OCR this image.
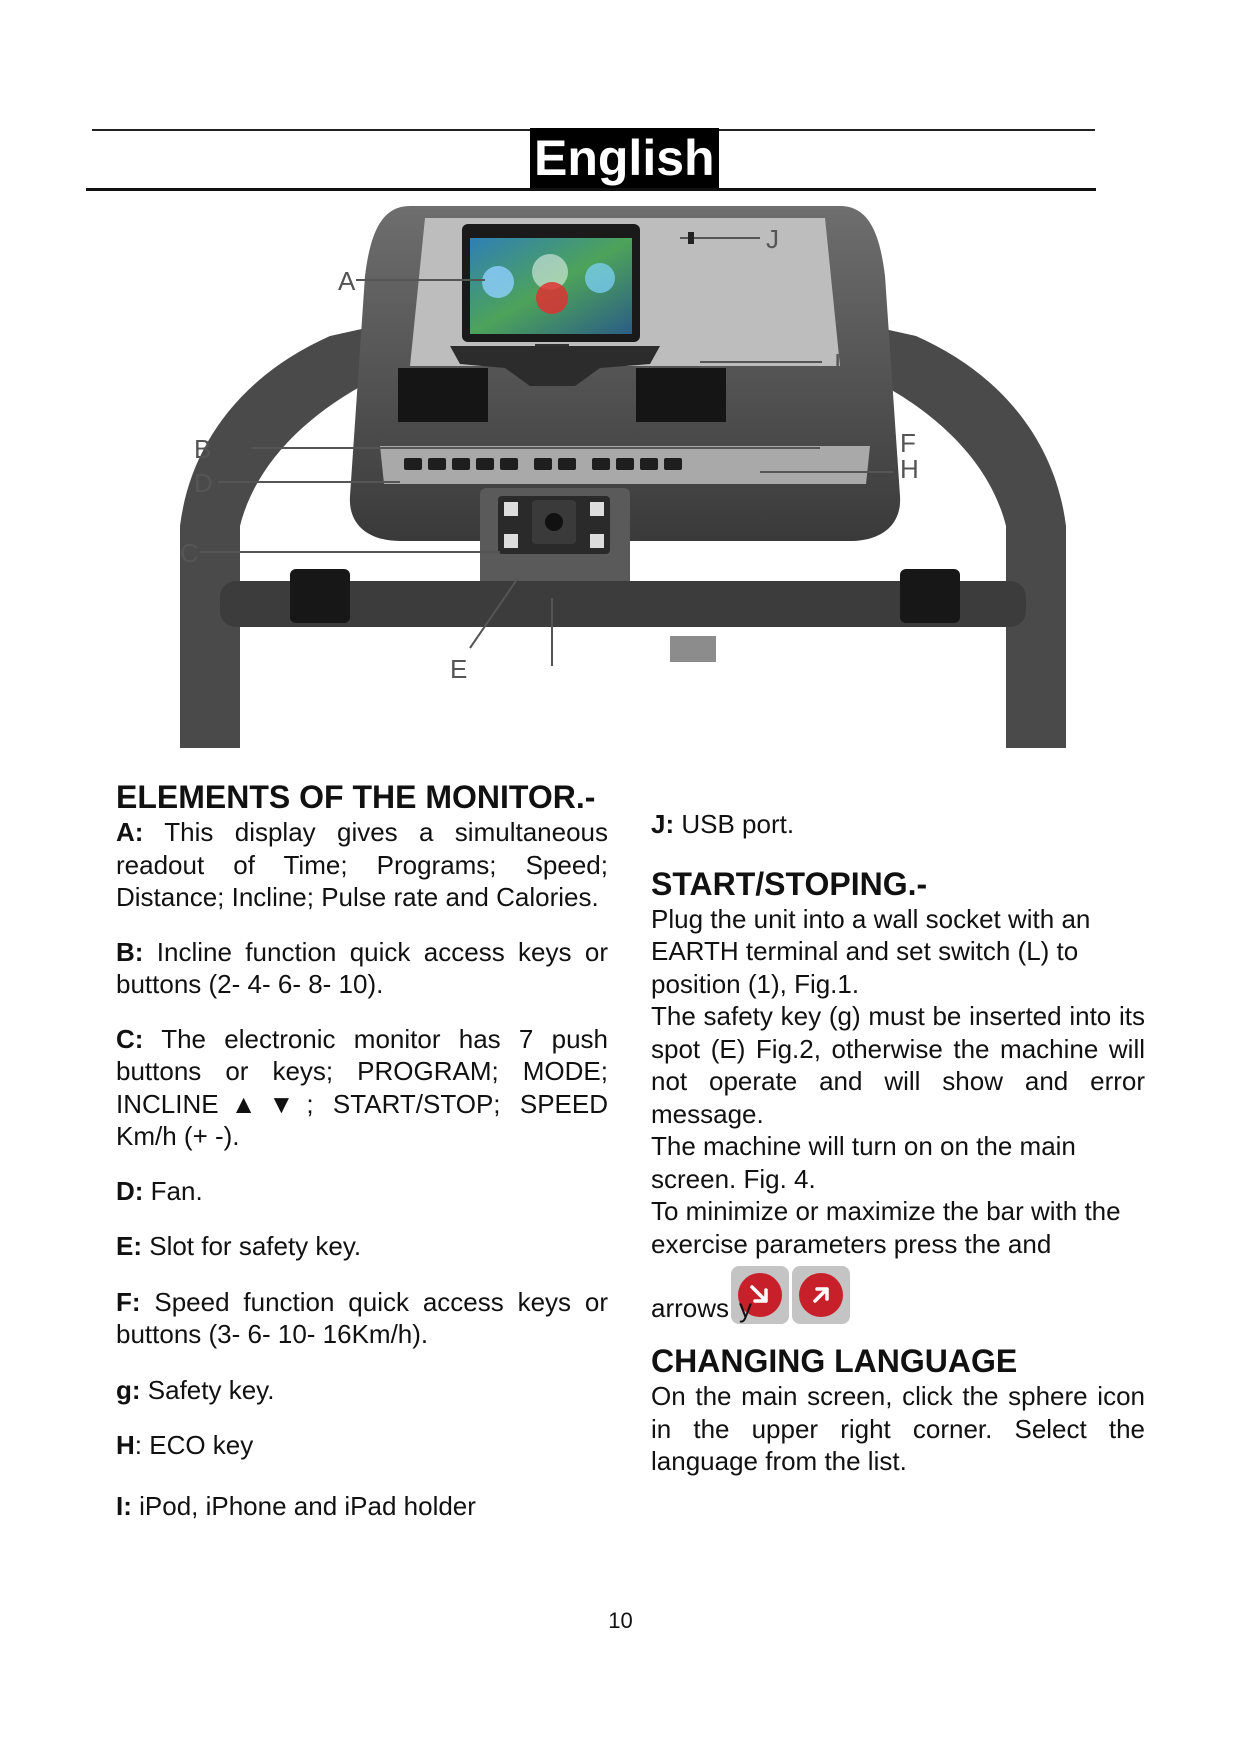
English
A
B
D
C
E
J
I
F
H
ELEMENTS OF THE MONITOR.-

A: This display gives a simultaneous readout of Time; Programs; Speed; Distance; Incline; Pulse rate and Calories.

B: Incline function quick access keys or buttons (2- 4- 6- 8- 10).

C: The electronic monitor has 7 push buttons or keys; PROGRAM; MODE; INCLINE▲▼; START/STOP; SPEED Km/h (+ -).

D: Fan.

E: Slot for safety key.

F: Speed function quick access keys or buttons (3- 6- 10- 16Km/h).

g: Safety key.

H: ECO key

I: iPod, iPhone and iPad holder

J: USB port.

START/STOPING.-

Plug the unit into a wall socket with an EARTH terminal and set switch (L) to position (1), Fig.1.

The safety key (g) must be inserted into its spot (E) Fig.2, otherwise the machine will not operate and will show and error message.

The machine will turn on on the main screen. Fig. 4.

To minimize or maximize the bar with the exercise parameters press the and

arrows y
CHANGING LANGUAGE

On the main screen, click the sphere icon in the upper right corner. Select the language from the list.

10
